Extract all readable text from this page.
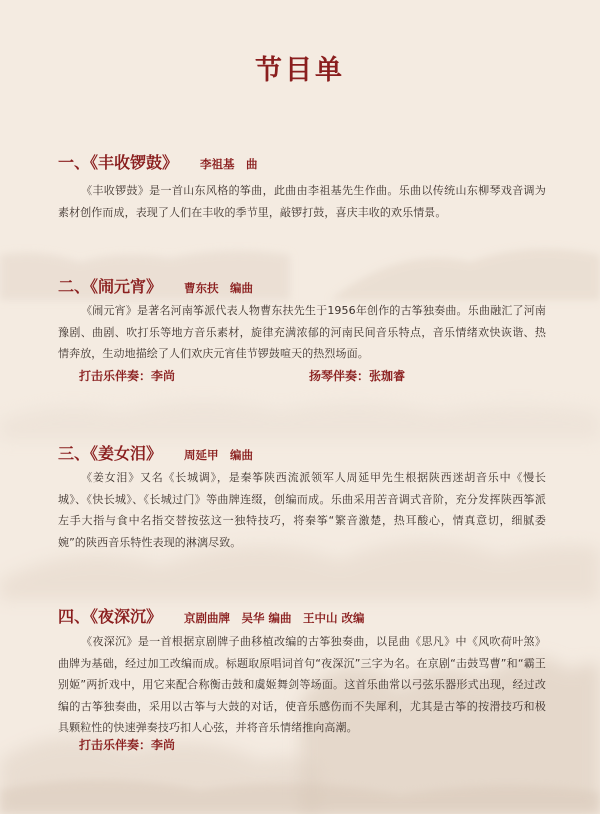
节目单
一、《丰收锣鼓》 李祖基　曲
《丰收锣鼓》是一首山东风格的筝曲，此曲由李祖基先生作曲。乐曲以传统山东柳琴戏音调为素材创作而成，表现了人们在丰收的季节里，敲锣打鼓，喜庆丰收的欢乐情景。
二、《闹元宵》 曹东扶　编曲
《闹元宵》是著名河南筝派代表人物曹东扶先生于1956年创作的古筝独奏曲。乐曲融汇了河南豫剧、曲剧、吹打乐等地方音乐素材，旋律充满浓郁的河南民间音乐特点，音乐情绪欢快诙谐、热情奔放，生动地描绘了人们欢庆元宵佳节锣鼓喧天的热烈场面。
打击乐伴奏：李尚	扬琴伴奏：张珈睿
三、《姜女泪》 周延甲　编曲
《姜女泪》又名《长城调》，是秦筝陕西流派领军人周延甲先生根据陕西迷胡音乐中《慢长城》、《快长城》、《长城过门》等曲牌连缀，创编而成。乐曲采用苦音调式音阶，充分发挥陕西筝派左手大指与食中名指交替按弦这一独特技巧，将秦筝“繁音激楚，热耳酸心，情真意切，细腻委婉”的陕西音乐特性表现的淋漓尽致。
四、《夜深沉》 京剧曲牌　吴华 编曲　王中山 改编
《夜深沉》是一首根据京剧牌子曲移植改编的古筝独奏曲，以昆曲《思凡》中《风吹荷叶煞》曲牌为基础，经过加工改编而成。标题取原唱词首句“夜深沉”三字为名。在京剧“击鼓骂曹”和“霸王别姬”两折戏中，用它来配合称衡击鼓和虞姬舞剑等场面。这首乐曲常以弓弦乐器形式出现，经过改编的古筝独奏曲，采用以古筝与大鼓的对话，使音乐感伤而不失犀利，尤其是古筝的按滑技巧和极具颗粒性的快速弹奏技巧扣人心弦，并将音乐情绪推向高潮。
打击乐伴奏：李尚
